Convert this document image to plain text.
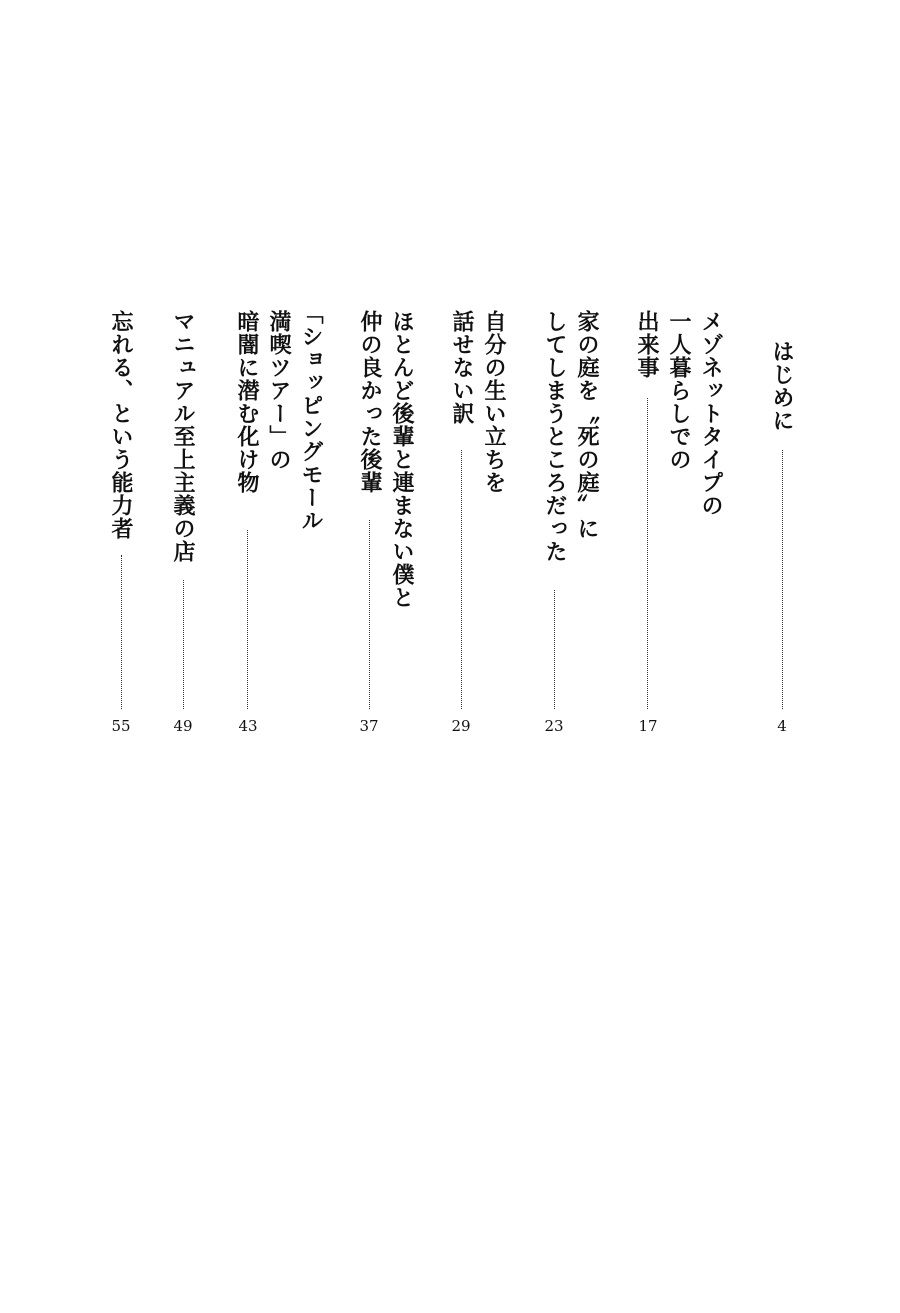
はじめに
4
メゾネットタイプの
一人暮らしでの
出来事
17
家の庭を〝死の庭〟に
してしまうところだった
23
自分の生い立ちを
話せない訳
29
ほとんど後輩と連まない僕と
仲の良かった後輩
37
「ショッピングモール
満喫ツアー」の
暗闇に潜む化け物
43
マニュアル至上主義の店
49
忘れる、という能力者
55
